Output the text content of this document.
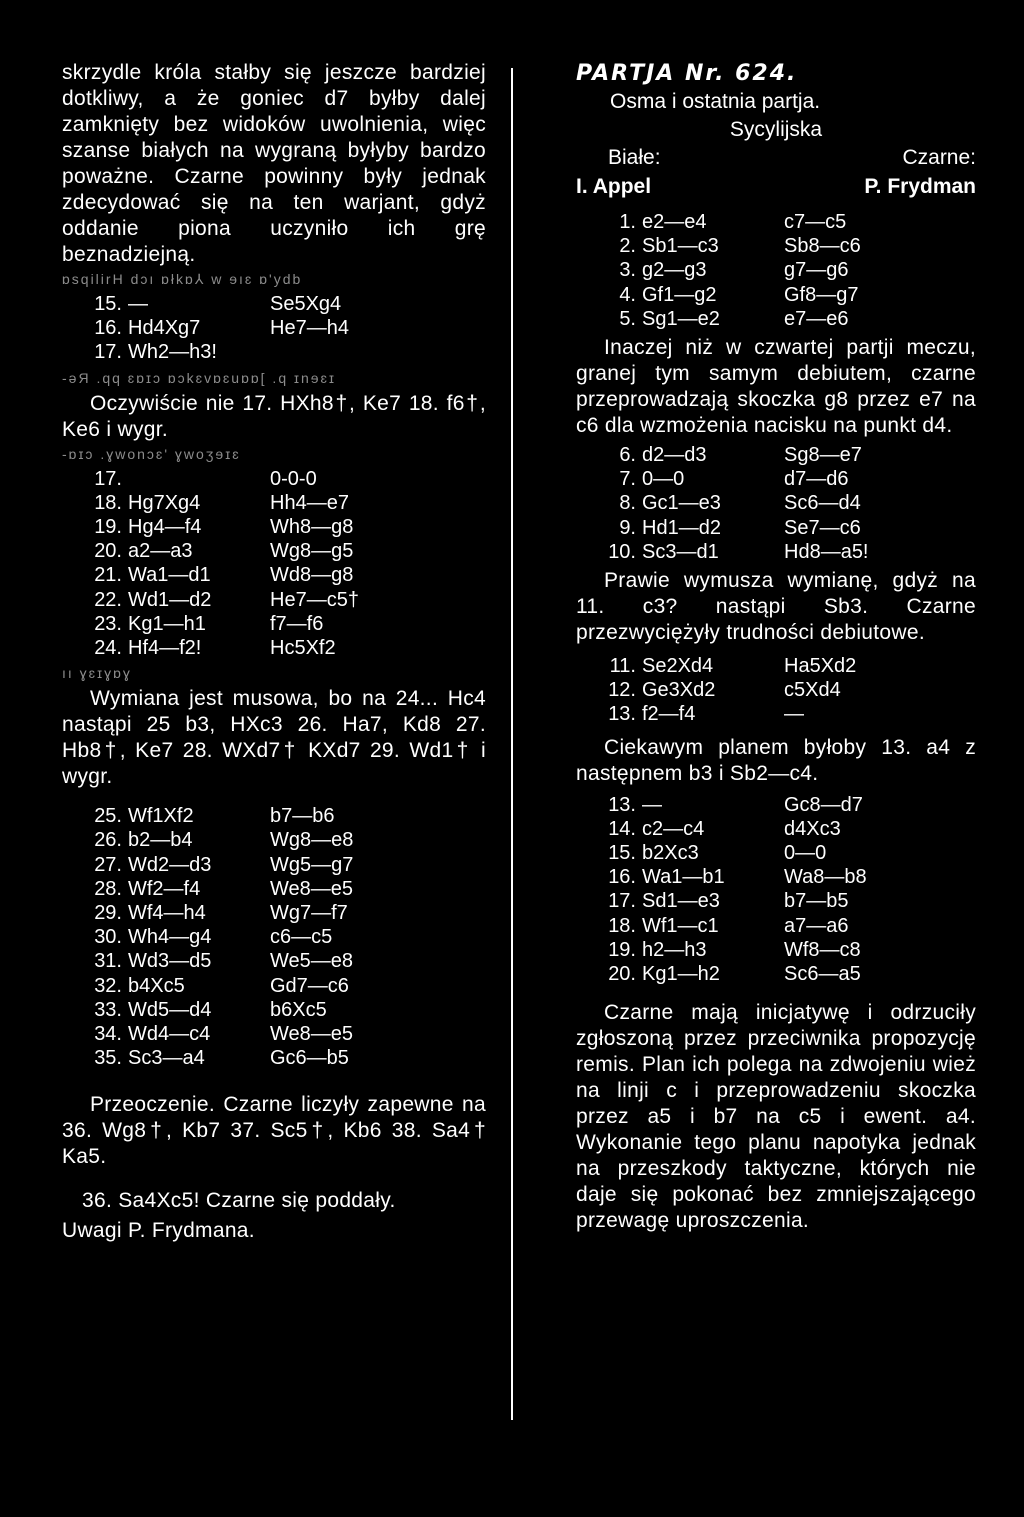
skrzydle króla stałby się jeszcze bardziej dotkliwy, a że goniec d7 byłby dalej zamknięty bez widoków uwolnienia, więc szanse białych na wygraną byłyby bardzo poważne. Czarne powinny były jednak zdecydować się na ten warjant, gdyż oddanie piona uczyniło ich grę beznadziejną.

ɒsqilirH dɔı ɒłkɒ⅄ w ɘıɛ ɒ'ydb
15. —	Se5Xg4
16. Hd4Xg7	He7—h4
17. Wh2—h3!
-əЯ .qq ɛɒɪɔ ɒɔkɛvɒɛuɒɒ[ .q ɪnɘɛɪ

Oczywiście nie 17. HXh8†, Ke7 18. f6†, Ke6 i wygr.

-ɒɪɔ .ɣwonɔɛ' ɣwoʒɘɪɛ
17.	0-0-0
18. Hg7Xg4	Hh4—e7
19. Hg4—f4	Wh8—g8
20. a2—a3	Wg8—g5
21. Wa1—d1	Wd8—g8
22. Wd1—d2	He7—c5†
23. Kg1—h1	f7—f6
24. Hf4—f2!	Hc5Xf2
ıı ɣɛɪɣɒɣ

Wymiana jest musowa, bo na 24... Hc4 nastąpi 25 b3, HXc3 26. Ha7, Kd8 27. Hb8†, Ke7 28. WXd7† KXd7 29. Wd1† i wygr.

25. Wf1Xf2	b7—b6
26. b2—b4	Wg8—e8
27. Wd2—d3	Wg5—g7
28. Wf2—f4	We8—e5
29. Wf4—h4	Wg7—f7
30. Wh4—g4	c6—c5
31. Wd3—d5	We5—e8
32. b4Xc5	Gd7—c6
33. Wd5—d4	b6Xc5
34. Wd4—c4	We8—e5
35. Sc3—a4	Gc6—b5

Przeoczenie. Czarne liczyły zapewne na 36. Wg8†, Kb7 37. Sc5†, Kb6 38. Sa4† Ka5.

36. Sa4Xc5! Czarne się poddały.

Uwagi P. Frydmana.

PARTJA Nr. 624.

Osma i ostatnia partja.
Sycylijska
Białe:	Czarne:
I. Appel	P. Frydman
1. e2—e4	c7—c5
2. Sb1—c3	Sb8—c6
3. g2—g3	g7—g6
4. Gf1—g2	Gf8—g7
5. Sg1—e2	e7—e6

Inaczej niż w czwartej partji meczu, granej tym samym debiutem, czarne przeprowadzają skoczka g8 przez e7 na c6 dla wzmożenia nacisku na punkt d4.

6. d2—d3	Sg8—e7
7. 0—0	d7—d6
8. Gc1—e3	Sc6—d4
9. Hd1—d2	Se7—c6
10. Sc3—d1	Hd8—a5!

Prawie wymusza wymianę, gdyż na 11. c3? nastąpi Sb3. Czarne przezwyciężyły trudności debiutowe.

11. Se2Xd4	Ha5Xd2
12. Ge3Xd2	c5Xd4
13. f2—f4	—

Ciekawym planem byłoby 13. a4 z następnem b3 i Sb2—c4.

13. —	Gc8—d7
14. c2—c4	d4Xc3
15. b2Xc3	0—0
16. Wa1—b1	Wa8—b8
17. Sd1—e3	b7—b5
18. Wf1—c1	a7—a6
19. h2—h3	Wf8—c8
20. Kg1—h2	Sc6—a5

Czarne mają inicjatywę i odrzuciły zgłoszoną przez przeciwnika propozycję remis. Plan ich polega na zdwojeniu wież na linji c i przeprowadzeniu skoczka przez a5 i b7 na c5 i ewent. a4. Wykonanie tego planu napotyka jednak na przeszkody taktyczne, których nie daje się pokonać bez zmniejszającego przewagę uproszczenia.
